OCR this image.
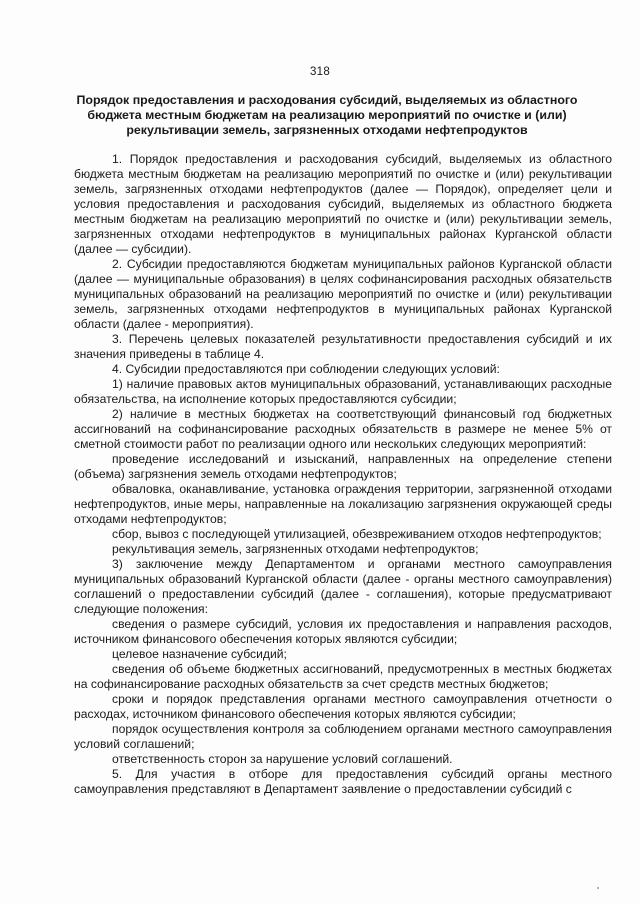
318
Порядок предоставления и расходования субсидий, выделяемых из областного бюджета местным бюджетам на реализацию мероприятий по очистке и (или) рекультивации земель, загрязненных отходами нефтепродуктов

1. Порядок предоставления и расходования субсидий, выделяемых из областного бюджета местным бюджетам на реализацию мероприятий по очистке и (или) рекультивации земель, загрязненных отходами нефтепродуктов (далее — Порядок), определяет цели и условия предоставления и расходования субсидий, выделяемых из областного бюджета местным бюджетам на реализацию мероприятий по очистке и (или) рекультивации земель, загрязненных отходами нефтепродуктов в муниципальных районах Курганской области (далее — субсидии).

2. Субсидии предоставляются бюджетам муниципальных районов Курганской области (далее — муниципальные образования) в целях софинансирования расходных обязательств муниципальных образований на реализацию мероприятий по очистке и (или) рекультивации земель, загрязненных отходами нефтепродуктов в муниципальных районах Курганской области (далее - мероприятия).

3. Перечень целевых показателей результативности предоставления субсидий и их значения приведены в таблице 4.

4. Субсидии предоставляются при соблюдении следующих условий:

1) наличие правовых актов муниципальных образований, устанавливающих расходные обязательства, на исполнение которых предоставляются субсидии;

2) наличие в местных бюджетах на соответствующий финансовый год бюджетных ассигнований на софинансирование расходных обязательств в размере не менее 5% от сметной стоимости работ по реализации одного или нескольких следующих мероприятий:

проведение исследований и изысканий, направленных на определение степени (объема) загрязнения земель отходами нефтепродуктов;

обваловка, оканавливание, установка ограждения территории, загрязненной отходами нефтепродуктов, иные меры, направленные на локализацию загрязнения окружающей среды отходами нефтепродуктов;

сбор, вывоз с последующей утилизацией, обезвреживанием отходов нефтепродуктов;

рекультивация земель, загрязненных отходами нефтепродуктов;

3) заключение между Департаментом и органами местного самоуправления муниципальных образований Курганской области (далее - органы местного самоуправления) соглашений о предоставлении субсидий (далее - соглашения), которые предусматривают следующие положения:

сведения о размере субсидий, условия их предоставления и направления расходов, источником финансового обеспечения которых являются субсидии;

целевое назначение субсидий;

сведения об объеме бюджетных ассигнований, предусмотренных в местных бюджетах на софинансирование расходных обязательств за счет средств местных бюджетов;

сроки и порядок представления органами местного самоуправления отчетности о расходах, источником финансового обеспечения которых являются субсидии;

порядок осуществления контроля за соблюдением органами местного самоуправления условий соглашений;

ответственность сторон за нарушение условий соглашений.

5. Для участия в отборе для предоставления субсидий органы местного самоуправления представляют в Департамент заявление о предоставлении субсидий с
